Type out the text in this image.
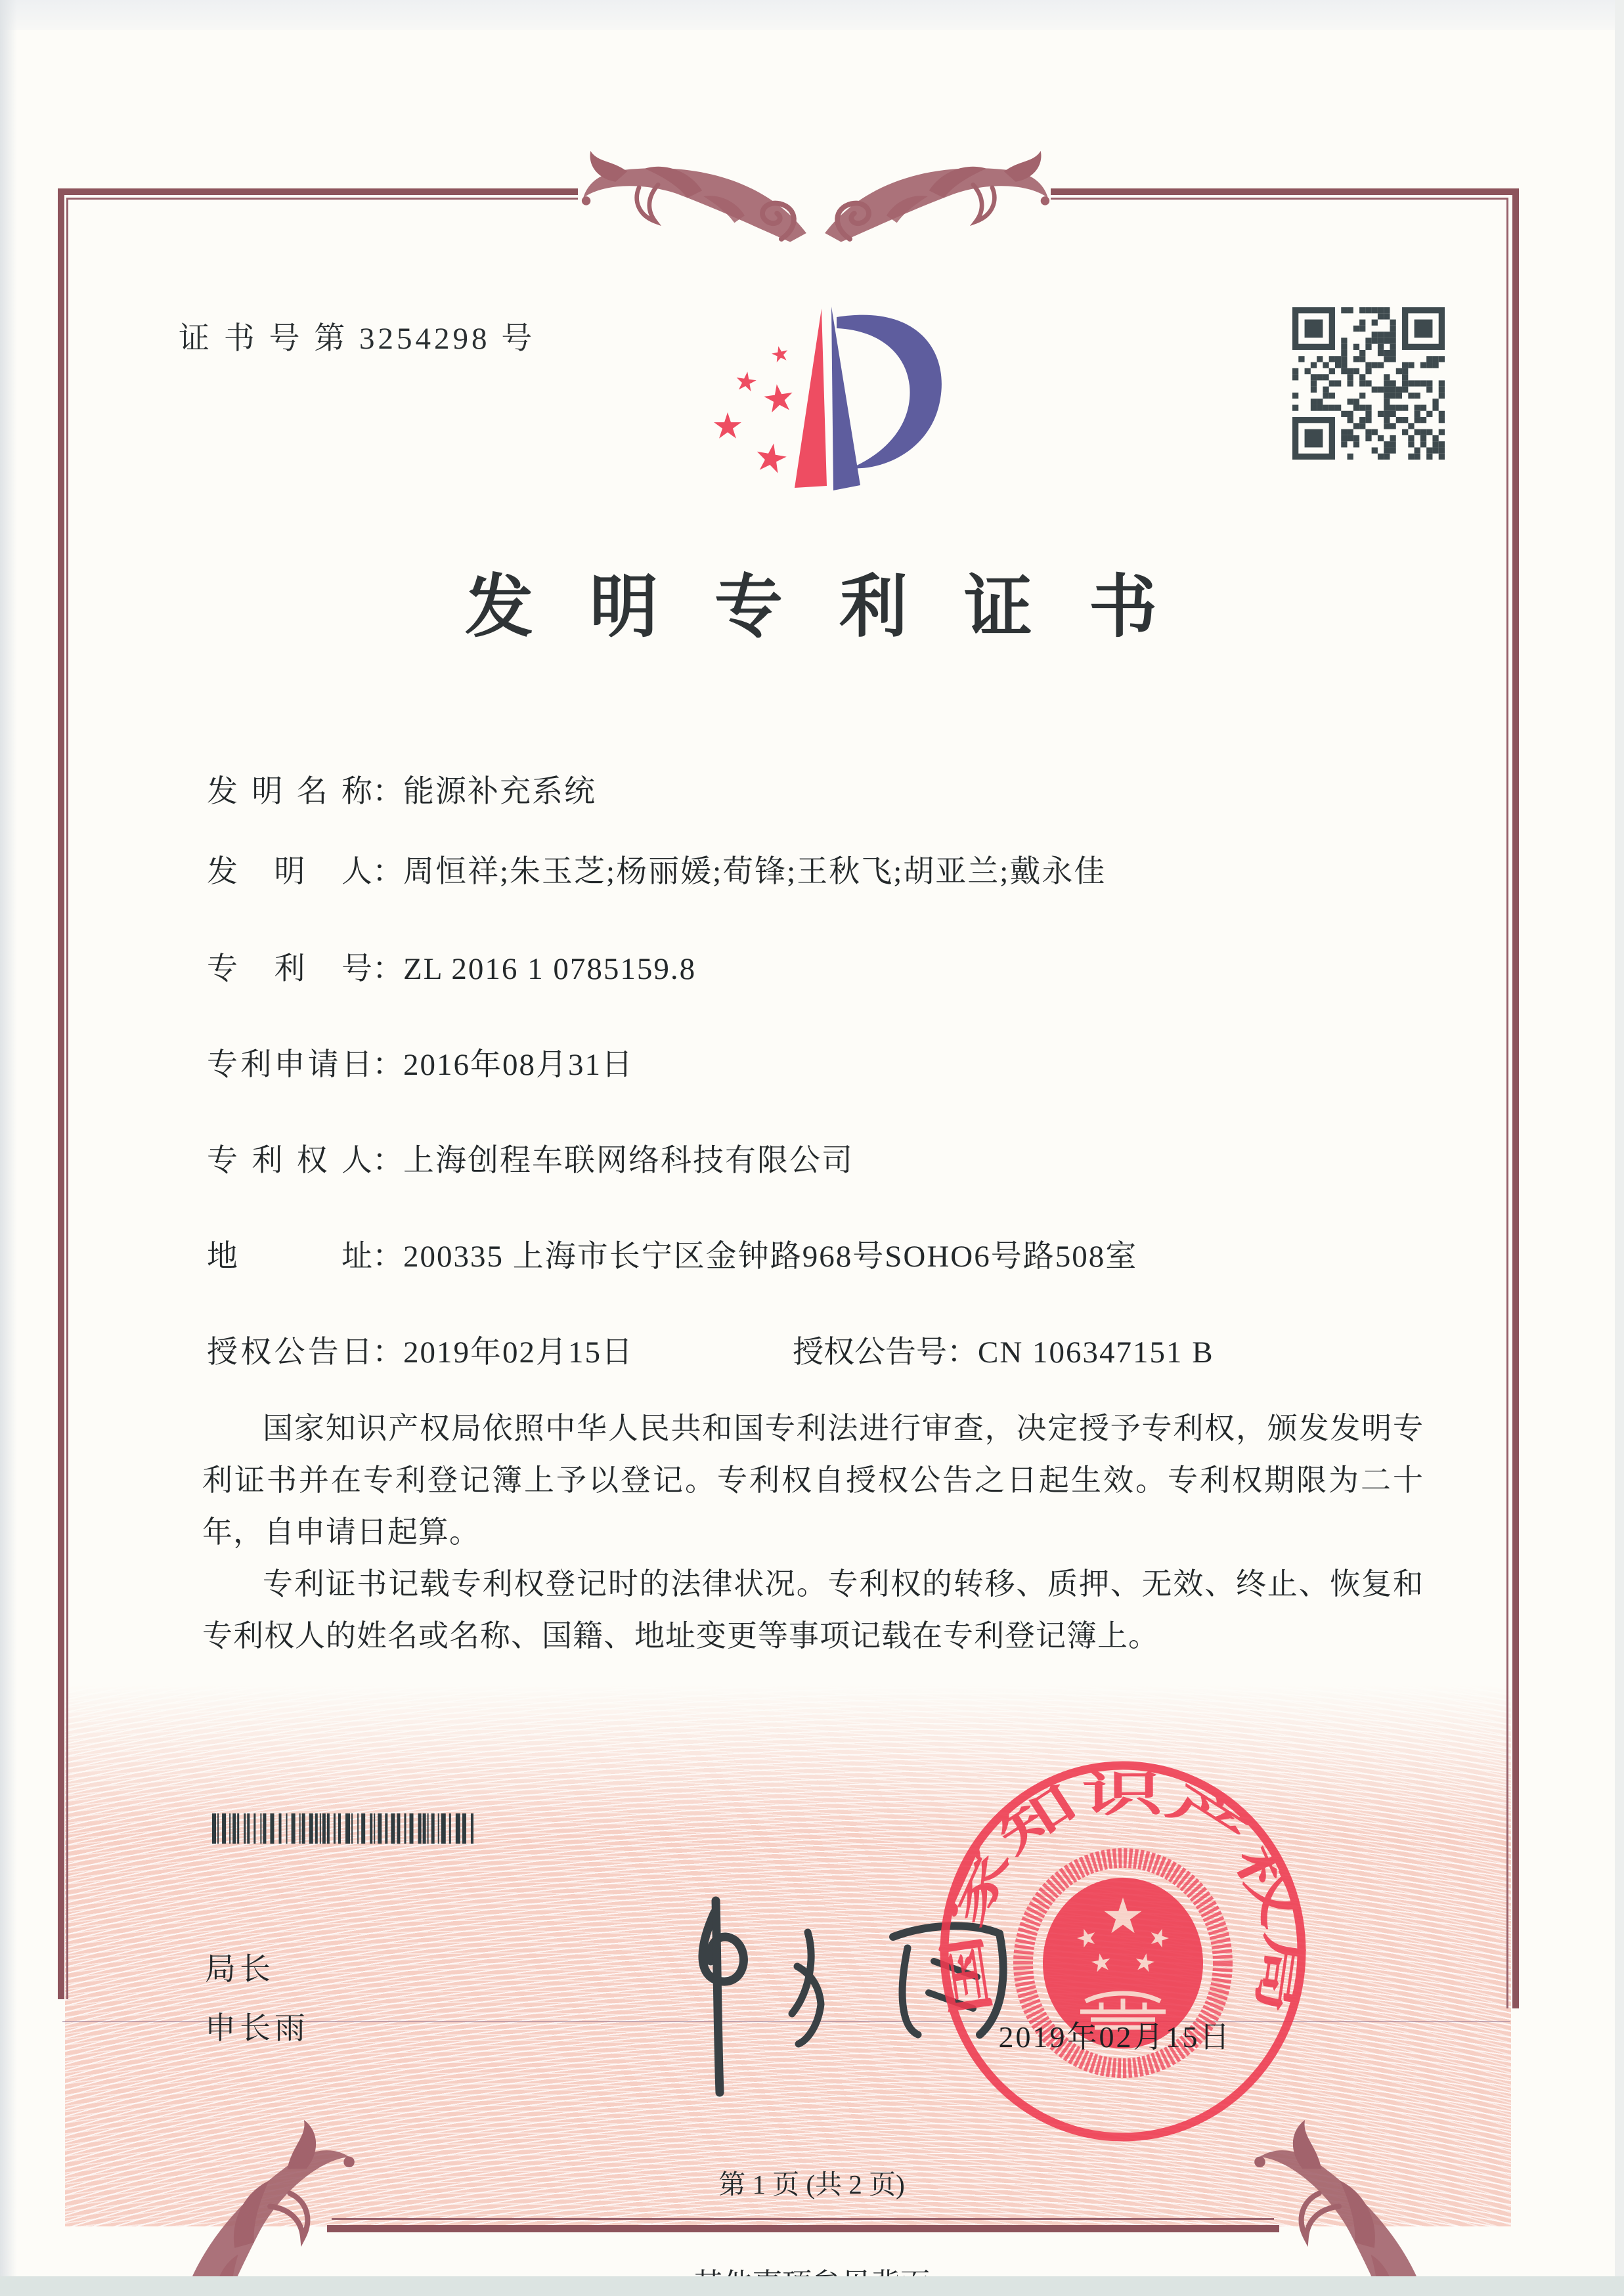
证 书 号 第 3254298 号
发明专利证书
发明名称：能源补充系统
发明人：周恒祥;朱玉芝;杨丽媛;荀锋;王秋飞;胡亚兰;戴永佳
专利号：ZL 2016 1 0785159.8
专利申请日：2016年08月31日
专利权人：上海创程车联网络科技有限公司
地址：200335 上海市长宁区金钟路968号SOHO6号路508室
授权公告日：2019年02月15日	授权公告号：CN 106347151 B

国家知识产权局依照中华人民共和国专利法进行审查，决定授予专利权，颁发发明专利证书并在专利登记簿上予以登记。专利权自授权公告之日起生效。专利权期限为二十年，自申请日起算。

专利证书记载专利权登记时的法律状况。专利权的转移、质押、无效、终止、恢复和专利权人的姓名或名称、国籍、地址变更等事项记载在专利登记簿上。

局长
申长雨
国家知识产权局
2019年02月15日
第 1 页 (共 2 页)
